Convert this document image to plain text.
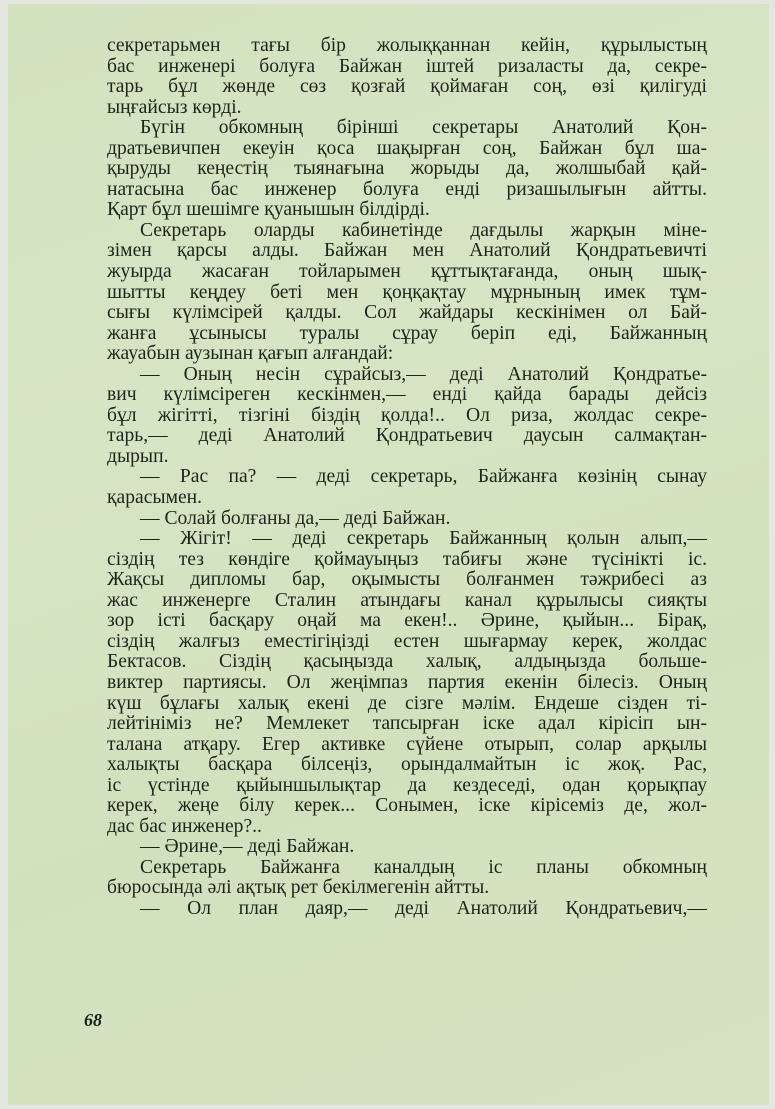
секретарьмен тағы бір жолыққаннан кейін, құрылыстың
бас инженері болуға Байжан іштей ризаласты да, секре-
тарь бұл жөнде сөз қозғай қоймаған соң, өзі қилігуді
ыңғайсыз көрді.
Бүгін обкомның бірінші секретары Анатолий Қон-
дратьевичпен екеуін қоса шақырған соң, Байжан бұл ша-
қыруды кеңестің тыянағына жорыды да, жолшыбай қай-
натасына бас инженер болуға енді ризашылығын айтты.
Қарт бұл шешімге қуанышын білдірді.
Секретарь оларды кабинетінде дағдылы жарқын міне-
зімен қарсы алды. Байжан мен Анатолий Қондратьевичті
жуырда жасаған тойларымен құттықтағанда, оның шық-
шытты кеңдеу беті мен қоңқақтау мұрнының имек тұм-
сығы күлімсірей қалды. Сол жайдары кескінімен ол Бай-
жанға ұсынысы туралы сұрау беріп еді, Байжанның
жауабын аузынан қағып алғандай:
— Оның несін сұрайсыз,— деді Анатолий Қондратье-
вич күлімсіреген кескінмен,— енді қайда барады дейсіз
бұл жігітті, тізгіні біздің қолда!.. Ол риза, жолдас секре-
тарь,— деді Анатолий Қондратьевич даусын салмақтан-
дырып.
— Рас па? — деді секретарь, Байжанға көзінің сынау
қарасымен.
— Солай болғаны да,— деді Байжан.
— Жігіт! — деді секретарь Байжанның қолын алып,—
сіздің тез көндіге қоймауыңыз табиғы және түсінікті іс.
Жақсы дипломы бар, оқымысты болғанмен тәжрибесі аз
жас инженерге Сталин атындағы канал құрылысы сияқты
зор істі басқару оңай ма екен!.. Әрине, қыйын... Бірақ,
сіздің жалғыз еместігіңізді естен шығармау керек, жолдас
Бектасов. Сіздің қасыңызда халық, алдыңызда больше-
виктер партиясы. Ол жеңімпаз партия екенін білесіз. Оның
күш бұлағы халық екені де сізге мәлім. Ендеше сізден ті-
лейтініміз не? Мемлекет тапсырған іске адал кірісіп ын-
талана атқару. Егер активке сүйене отырып, солар арқылы
халықты басқара білсеңіз, орындалмайтын іс жоқ. Рас,
іс үстінде қыйыншылықтар да кездеседі, одан қорықпау
керек, жеңе білу керек... Сонымен, іске кірісеміз де, жол-
дас бас инженер?..
— Әрине,— деді Байжан.
Секретарь Байжанға каналдың іс планы обкомның
бюросында әлі ақтық рет бекілмегенін айтты.
— Ол план даяр,— деді Анатолий Қондратьевич,—
68
